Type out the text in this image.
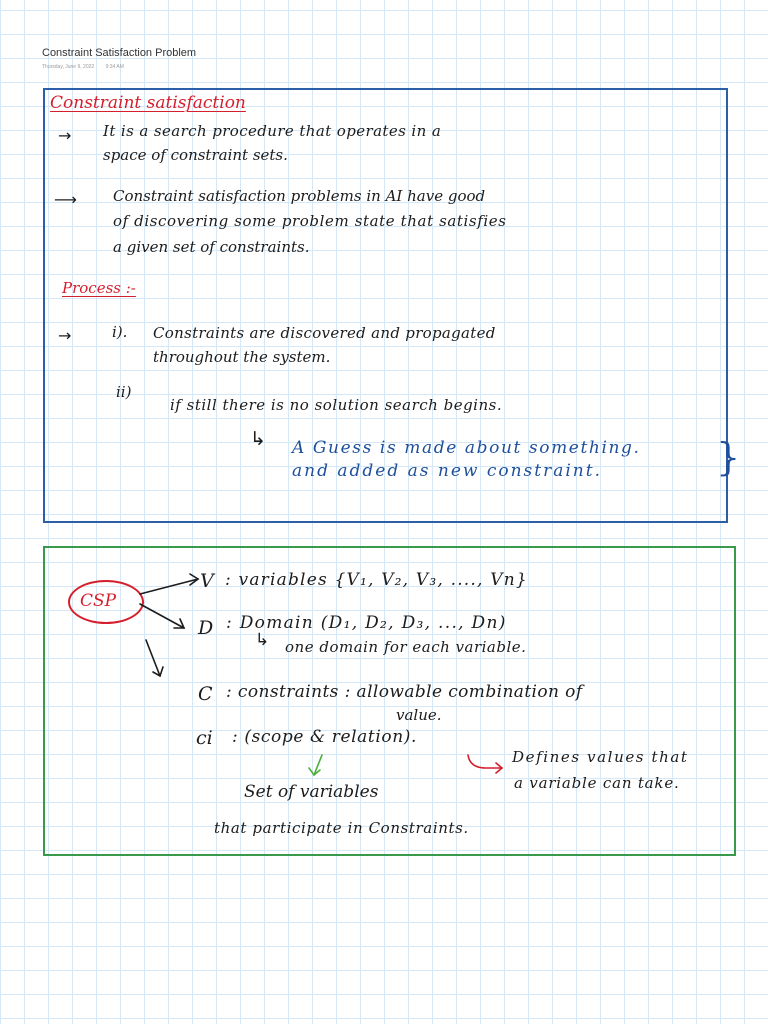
Constraint Satisfaction Problem
Thursday, June 9, 2022 9:34 AM
Constraint satisfaction
→ It is a search procedure that operates in a
space of constraint sets.
⟶ Constraint satisfaction problems in AI have good
of discovering some problem state that satisfies
a given set of constraints.
Process :-
→	i). Constraints are discovered and propagated
throughout the system.
ii)
if still there is no solution search begins.
↳ A Guess is made about something.
and added as new constraint.	}
CSP
V : variables {V₁, V₂, V₃, ...., Vn}
D : Domain (D₁, D₂, D₃, ..., Dn)
↳ one domain for each variable.
C : constraints : allowable combination of
value.
ci : (scope & relation).
Defines values that
a variable can take.
Set of variables
that participate in Constraints.
